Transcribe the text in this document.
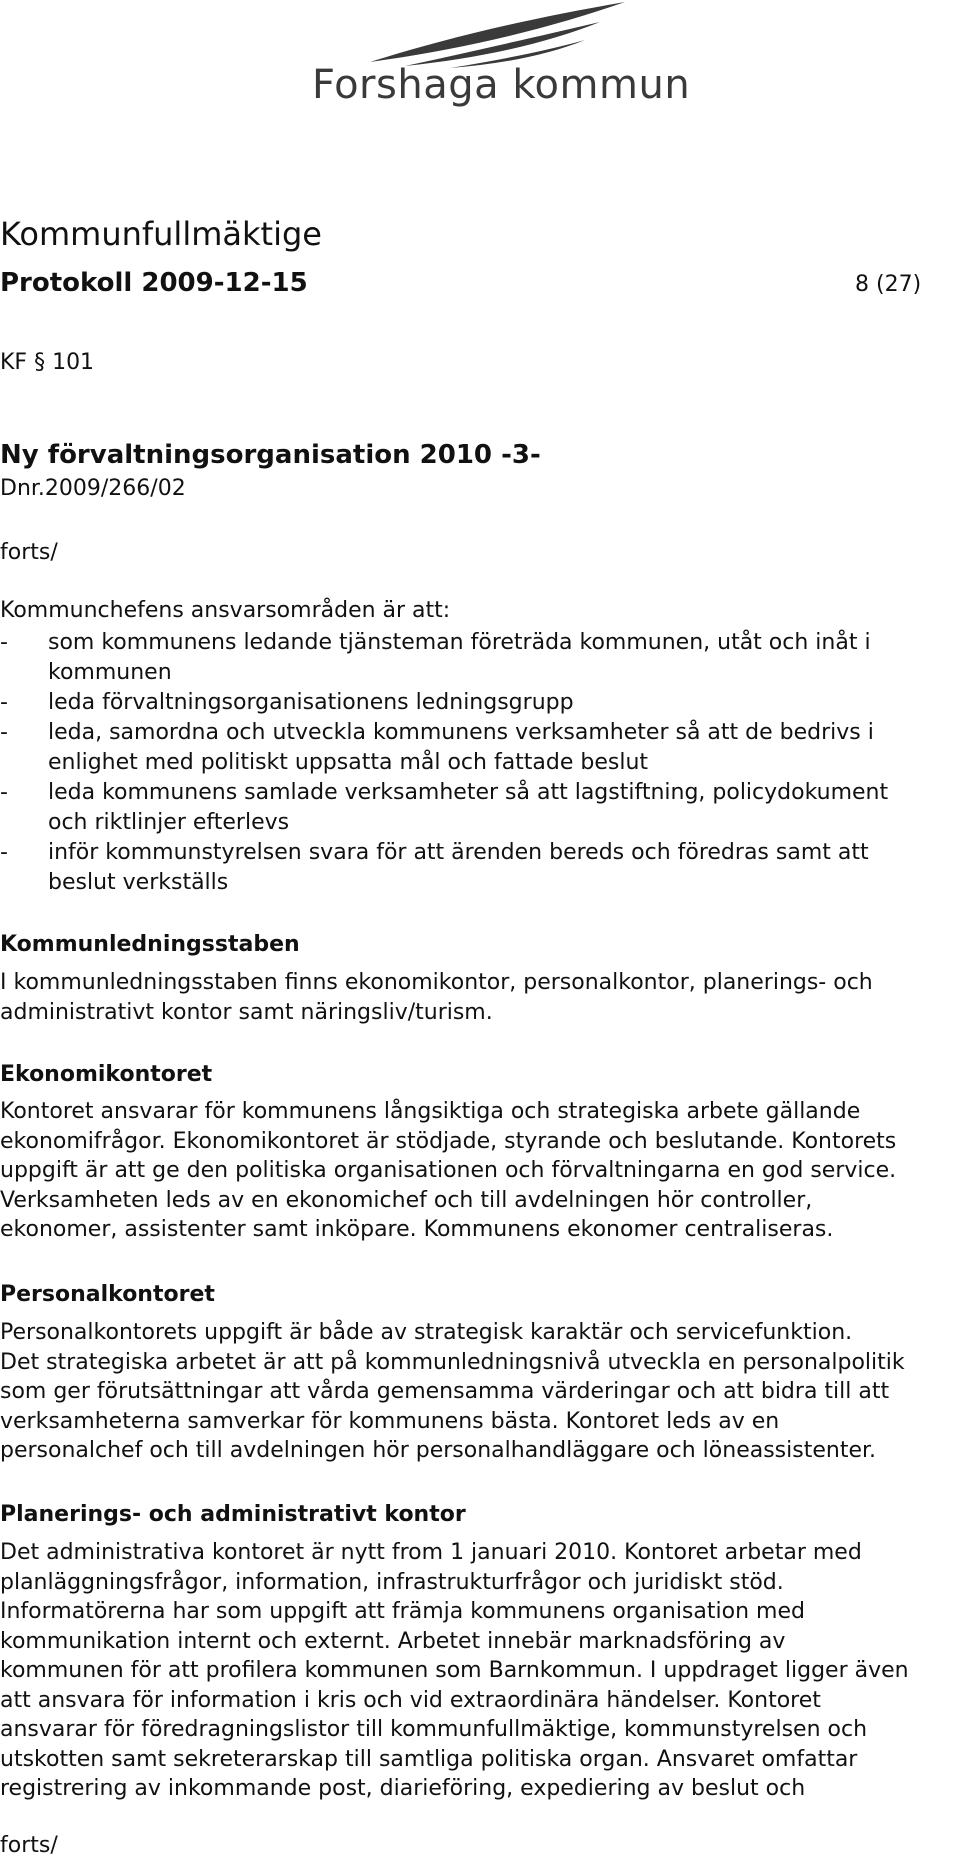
Forshaga kommun
Kommunfullmäktige
Protokoll 2009-12-15	8 (27)
KF § 101
Ny förvaltningsorganisation 2010 -3-
Dnr.2009/266/02
forts/
Kommunchefens ansvarsområden är att:
-	som kommunens ledande tjänsteman företräda kommunen, utåt och inåt i
kommunen
-	leda förvaltningsorganisationens ledningsgrupp
-	leda, samordna och utveckla kommunens verksamheter så att de bedrivs i
enlighet med politiskt uppsatta mål och fattade beslut
-	leda kommunens samlade verksamheter så att lagstiftning, policydokument
och riktlinjer efterlevs
-	inför kommunstyrelsen svara för att ärenden bereds och föredras samt att
beslut verkställs
Kommunledningsstaben
I kommunledningsstaben finns ekonomikontor, personalkontor, planerings- och
administrativt kontor samt näringsliv/turism.
Ekonomikontoret
Kontoret ansvarar för kommunens långsiktiga och strategiska arbete gällande
ekonomifrågor. Ekonomikontoret är stödjade, styrande och beslutande. Kontorets
uppgift är att ge den politiska organisationen och förvaltningarna en god service.
Verksamheten leds av en ekonomichef och till avdelningen hör controller,
ekonomer, assistenter samt inköpare. Kommunens ekonomer centraliseras.
Personalkontoret
Personalkontorets uppgift är både av strategisk karaktär och servicefunktion.
Det strategiska arbetet är att på kommunledningsnivå utveckla en personalpolitik
som ger förutsättningar att vårda gemensamma värderingar och att bidra till att
verksamheterna samverkar för kommunens bästa. Kontoret leds av en
personalchef och till avdelningen hör personalhandläggare och löneassistenter.
Planerings- och administrativt kontor
Det administrativa kontoret är nytt from 1 januari 2010. Kontoret arbetar med
planläggningsfrågor, information, infrastrukturfrågor och juridiskt stöd.
Informatörerna har som uppgift att främja kommunens organisation med
kommunikation internt och externt. Arbetet innebär marknadsföring av
kommunen för att profilera kommunen som Barnkommun. I uppdraget ligger även
att ansvara för information i kris och vid extraordinära händelser. Kontoret
ansvarar för föredragningslistor till kommunfullmäktige, kommunstyrelsen och
utskotten samt sekreterarskap till samtliga politiska organ. Ansvaret omfattar
registrering av inkommande post, diarieföring, expediering av beslut och
forts/
